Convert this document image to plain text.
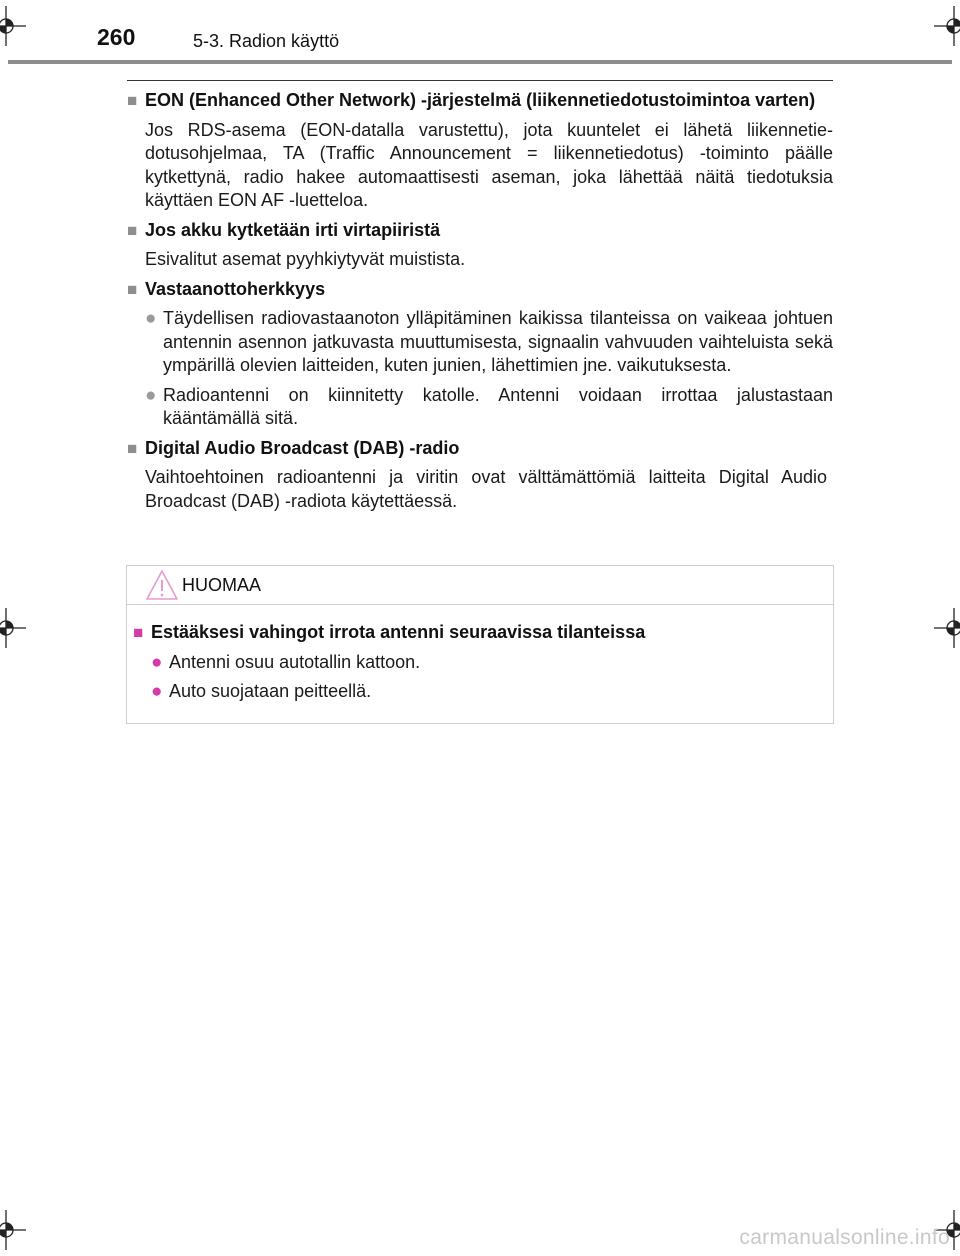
260	5-3. Radion käyttö
■ EON (Enhanced Other Network) -järjestelmä (liikennetiedotustoimintoa varten)
Jos RDS-asema (EON-datalla varustettu), jota kuuntelet ei lähetä liikennetiedotusohjelmaa, TA (Traffic Announcement = liikennetiedotus) -toiminto päälle kytkettynä, radio hakee automaattisesti aseman, joka lähettää näitä tiedotuksia käyttäen EON AF -luetteloa.
■ Jos akku kytketään irti virtapiiristä
Esivalitut asemat pyyhkiytyvät muistista.
■ Vastaanottoherkkyys
● Täydellisen radiovastaanoton ylläpitäminen kaikissa tilanteissa on vaikeaa johtuen antennin asennon jatkuvasta muuttumisesta, signaalin vahvuuden vaihteluista sekä ympärillä olevien laitteiden, kuten junien, lähettimien jne. vaikutuksesta.
● Radioantenni on kiinnitetty katolle. Antenni voidaan irrottaa jalustastaan kääntämällä sitä.
■ Digital Audio Broadcast (DAB) -radio
Vaihtoehtoinen radioantenni ja viritin ovat välttämättömiä laitteita Digital Audio Broadcast (DAB) -radiota käytettäessä.
HUOMAA
■ Estääksesi vahingot irrota antenni seuraavissa tilanteissa
● Antenni osuu autotallin kattoon.
● Auto suojataan peitteellä.
carmanualsonline.info
